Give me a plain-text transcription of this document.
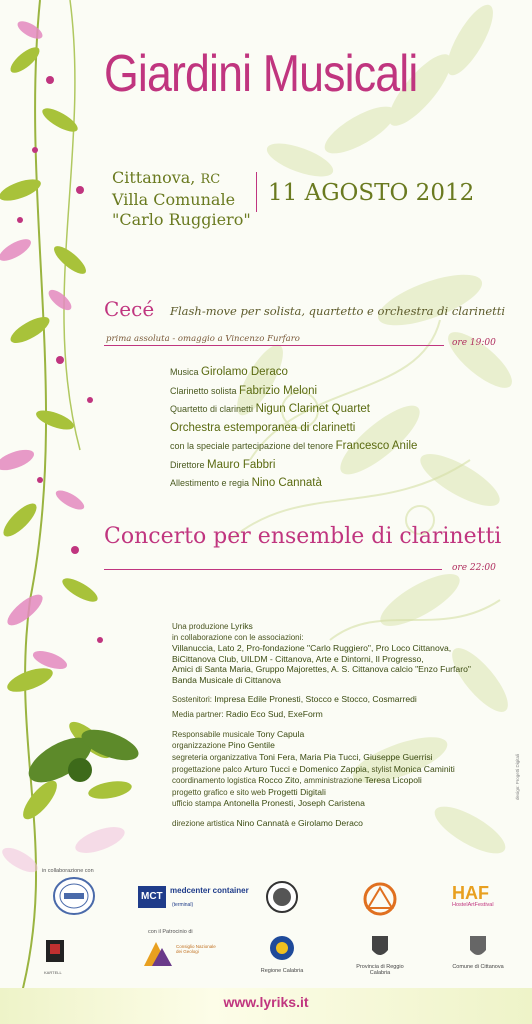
Giardini Musicali
Cittanova, RC
Villa Comunale
"Carlo Ruggiero"
11 AGOSTO 2012
Cecé Flash-move per solista, quartetto e orchestra di clarinetti
prima assoluta - omaggio a Vincenzo Furfaro	ore 19:00
Musica Girolamo Deraco
Clarinetto solista Fabrizio Meloni
Quartetto di clarinetti Nigun Clarinet Quartet
Orchestra estemporanea di clarinetti
con la speciale partecipazione del tenore Francesco Anile
Direttore Mauro Fabbri
Allestimento e regia Nino Cannatà
Concerto per ensemble di clarinetti
ore 22:00
Una produzione Lyriks
in collaborazione con le associazioni:
Villanuccia, Lato 2, Pro-fondazione "Carlo Ruggiero", Pro Loco Cittanova,
BiCittanova Club, UILDM - Cittanova, Arte e Dintorni, Il Progresso,
Amici di Santa Maria, Gruppo Majorettes, A. S. Cittanova calcio "Enzo Furfaro"
Banda Musicale di Cittanova
Sostenitori: Impresa Edile Pronesti, Stocco e Stocco, Cosmarredi
Media partner: Radio Eco Sud, ExeForm
Responsabile musicale Tony Capula
organizzazione Pino Gentile
segreteria organizzativa Toni Fera, Maria Pia Tucci, Giuseppe Guerrisi
progettazione palco Arturo Tucci e Domenico Zappia, stylist Monica Caminiti
coordinamento logistica Rocco Zito, amministrazione Teresa Licopoli
progetto grafico e sito web Progetti Digitali
ufficio stampa Antonella Pronesti, Joseph Caristena
direzione artistica Nino Cannatà e Girolamo Deraco
design: Progetti Digitali
in collaborazione con
MCT
medcenter container
(terminal)
HAF
HostelArtFestival
KARTELL
con il Patrocinio di
Consiglio Nazionale dei Geologi
Regione Calabria
Provincia di Reggio Calabria
Comune di Cittanova
www.lyriks.it
